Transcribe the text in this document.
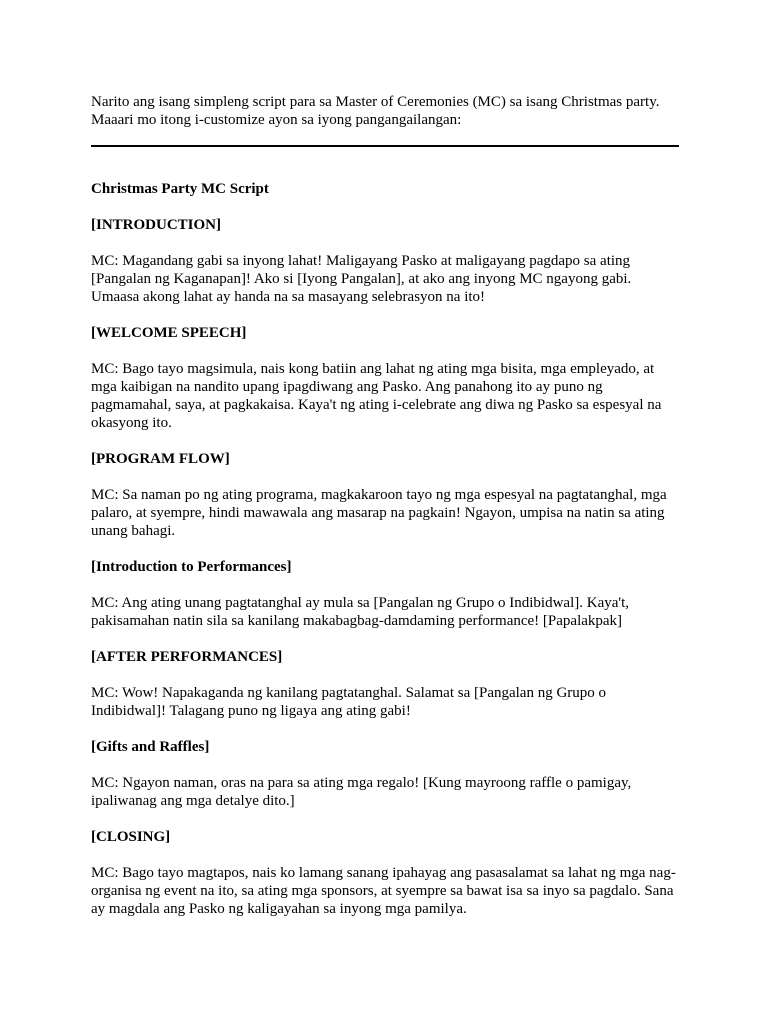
Narito ang isang simpleng script para sa Master of Ceremonies (MC) sa isang Christmas party. Maaari mo itong i-customize ayon sa iyong pangangailangan:

Christmas Party MC Script

[INTRODUCTION]

MC: Magandang gabi sa inyong lahat! Maligayang Pasko at maligayang pagdapo sa ating [Pangalan ng Kaganapan]! Ako si [Iyong Pangalan], at ako ang inyong MC ngayong gabi. Umaasa akong lahat ay handa na sa masayang selebrasyon na ito!

[WELCOME SPEECH]

MC: Bago tayo magsimula, nais kong batiin ang lahat ng ating mga bisita, mga empleyado, at mga kaibigan na nandito upang ipagdiwang ang Pasko. Ang panahong ito ay puno ng pagmamahal, saya, at pagkakaisa. Kaya't ng ating i-celebrate ang diwa ng Pasko sa espesyal na okasyong ito.

[PROGRAM FLOW]

MC: Sa naman po ng ating programa, magkakaroon tayo ng mga espesyal na pagtatanghal, mga palaro, at syempre, hindi mawawala ang masarap na pagkain! Ngayon, umpisa na natin sa ating unang bahagi.

[Introduction to Performances]

MC: Ang ating unang pagtatanghal ay mula sa [Pangalan ng Grupo o Indibidwal]. Kaya't, pakisamahan natin sila sa kanilang makabagbag-damdaming performance! [Papalakpak]

[AFTER PERFORMANCES]

MC: Wow! Napakaganda ng kanilang pagtatanghal. Salamat sa [Pangalan ng Grupo o Indibidwal]! Talagang puno ng ligaya ang ating gabi!

[Gifts and Raffles]

MC: Ngayon naman, oras na para sa ating mga regalo! [Kung mayroong raffle o pamigay, ipaliwanag ang mga detalye dito.]

[CLOSING]

MC: Bago tayo magtapos, nais ko lamang sanang ipahayag ang pasasalamat sa lahat ng mga nag-organisa ng event na ito, sa ating mga sponsors, at syempre sa bawat isa sa inyo sa pagdalo. Sana ay magdala ang Pasko ng kaligayahan sa inyong mga pamilya.
